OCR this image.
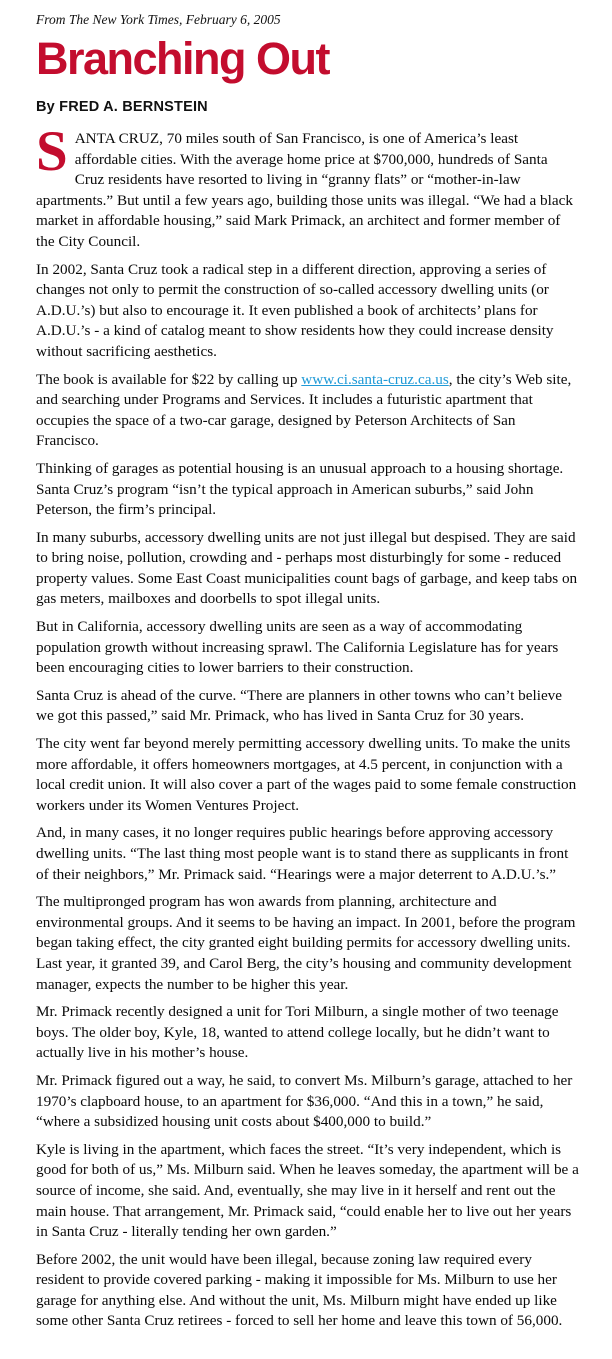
From The New York Times, February 6, 2005
Branching Out
By FRED A. BERNSTEIN

SANTA CRUZ, 70 miles south of San Francisco, is one of America’s least affordable cities. With the average home price at $700,000, hundreds of Santa Cruz residents have resorted to living in “granny flats” or “mother-in-law apartments.” But until a few years ago, building those units was illegal. “We had a black market in affordable housing,” said Mark Primack, an architect and former member of the City Council.

In 2002, Santa Cruz took a radical step in a different direction, approving a series of changes not only to permit the construction of so-called accessory dwelling units (or A.D.U.’s) but also to encourage it. It even published a book of architects’ plans for A.D.U.’s - a kind of catalog meant to show residents how they could increase density without sacrificing aesthetics.

The book is available for $22 by calling up www.ci.santa-cruz.ca.us, the city’s Web site, and searching under Programs and Services. It includes a futuristic apartment that occupies the space of a two-car garage, designed by Peterson Architects of San Francisco.

Thinking of garages as potential housing is an unusual approach to a housing shortage. Santa Cruz’s program “isn’t the typical approach in American suburbs,” said John Peterson, the firm’s principal.

In many suburbs, accessory dwelling units are not just illegal but despised. They are said to bring noise, pollution, crowding and - perhaps most disturbingly for some - reduced property values. Some East Coast municipalities count bags of garbage, and keep tabs on gas meters, mailboxes and doorbells to spot illegal units.

But in California, accessory dwelling units are seen as a way of accommodating population growth without increasing sprawl. The California Legislature has for years been encouraging cities to lower barriers to their construction.

Santa Cruz is ahead of the curve. “There are planners in other towns who can’t believe we got this passed,” said Mr. Primack, who has lived in Santa Cruz for 30 years.

The city went far beyond merely permitting accessory dwelling units. To make the units more affordable, it offers homeowners mortgages, at 4.5 percent, in conjunction with a local credit union. It will also cover a part of the wages paid to some female construction workers under its Women Ventures Project.

And, in many cases, it no longer requires public hearings before approving accessory dwelling units. “The last thing most people want is to stand there as supplicants in front of their neighbors,” Mr. Primack said. “Hearings were a major deterrent to A.D.U.’s.”

The multipronged program has won awards from planning, architecture and environmental groups. And it seems to be having an impact. In 2001, before the program began taking effect, the city granted eight building permits for accessory dwelling units. Last year, it granted 39, and Carol Berg, the city’s housing and community development manager, expects the number to be higher this year.

Mr. Primack recently designed a unit for Tori Milburn, a single mother of two teenage boys. The older boy, Kyle, 18, wanted to attend college locally, but he didn’t want to actually live in his mother’s house.

Mr. Primack figured out a way, he said, to convert Ms. Milburn’s garage, attached to her 1970’s clapboard house, to an apartment for $36,000. “And this in a town,” he said, “where a subsidized housing unit costs about $400,000 to build.”

Kyle is living in the apartment, which faces the street. “It’s very independent, which is good for both of us,” Ms. Milburn said. When he leaves someday, the apartment will be a source of income, she said. And, eventually, she may live in it herself and rent out the main house. That arrangement, Mr. Primack said, “could enable her to live out her years in Santa Cruz - literally tending her own garden.”

Before 2002, the unit would have been illegal, because zoning law required every resident to provide covered parking - making it impossible for Ms. Milburn to use her garage for anything else. And without the unit, Ms. Milburn might have ended up like some other Santa Cruz retirees - forced to sell her home and leave this town of 56,000.
